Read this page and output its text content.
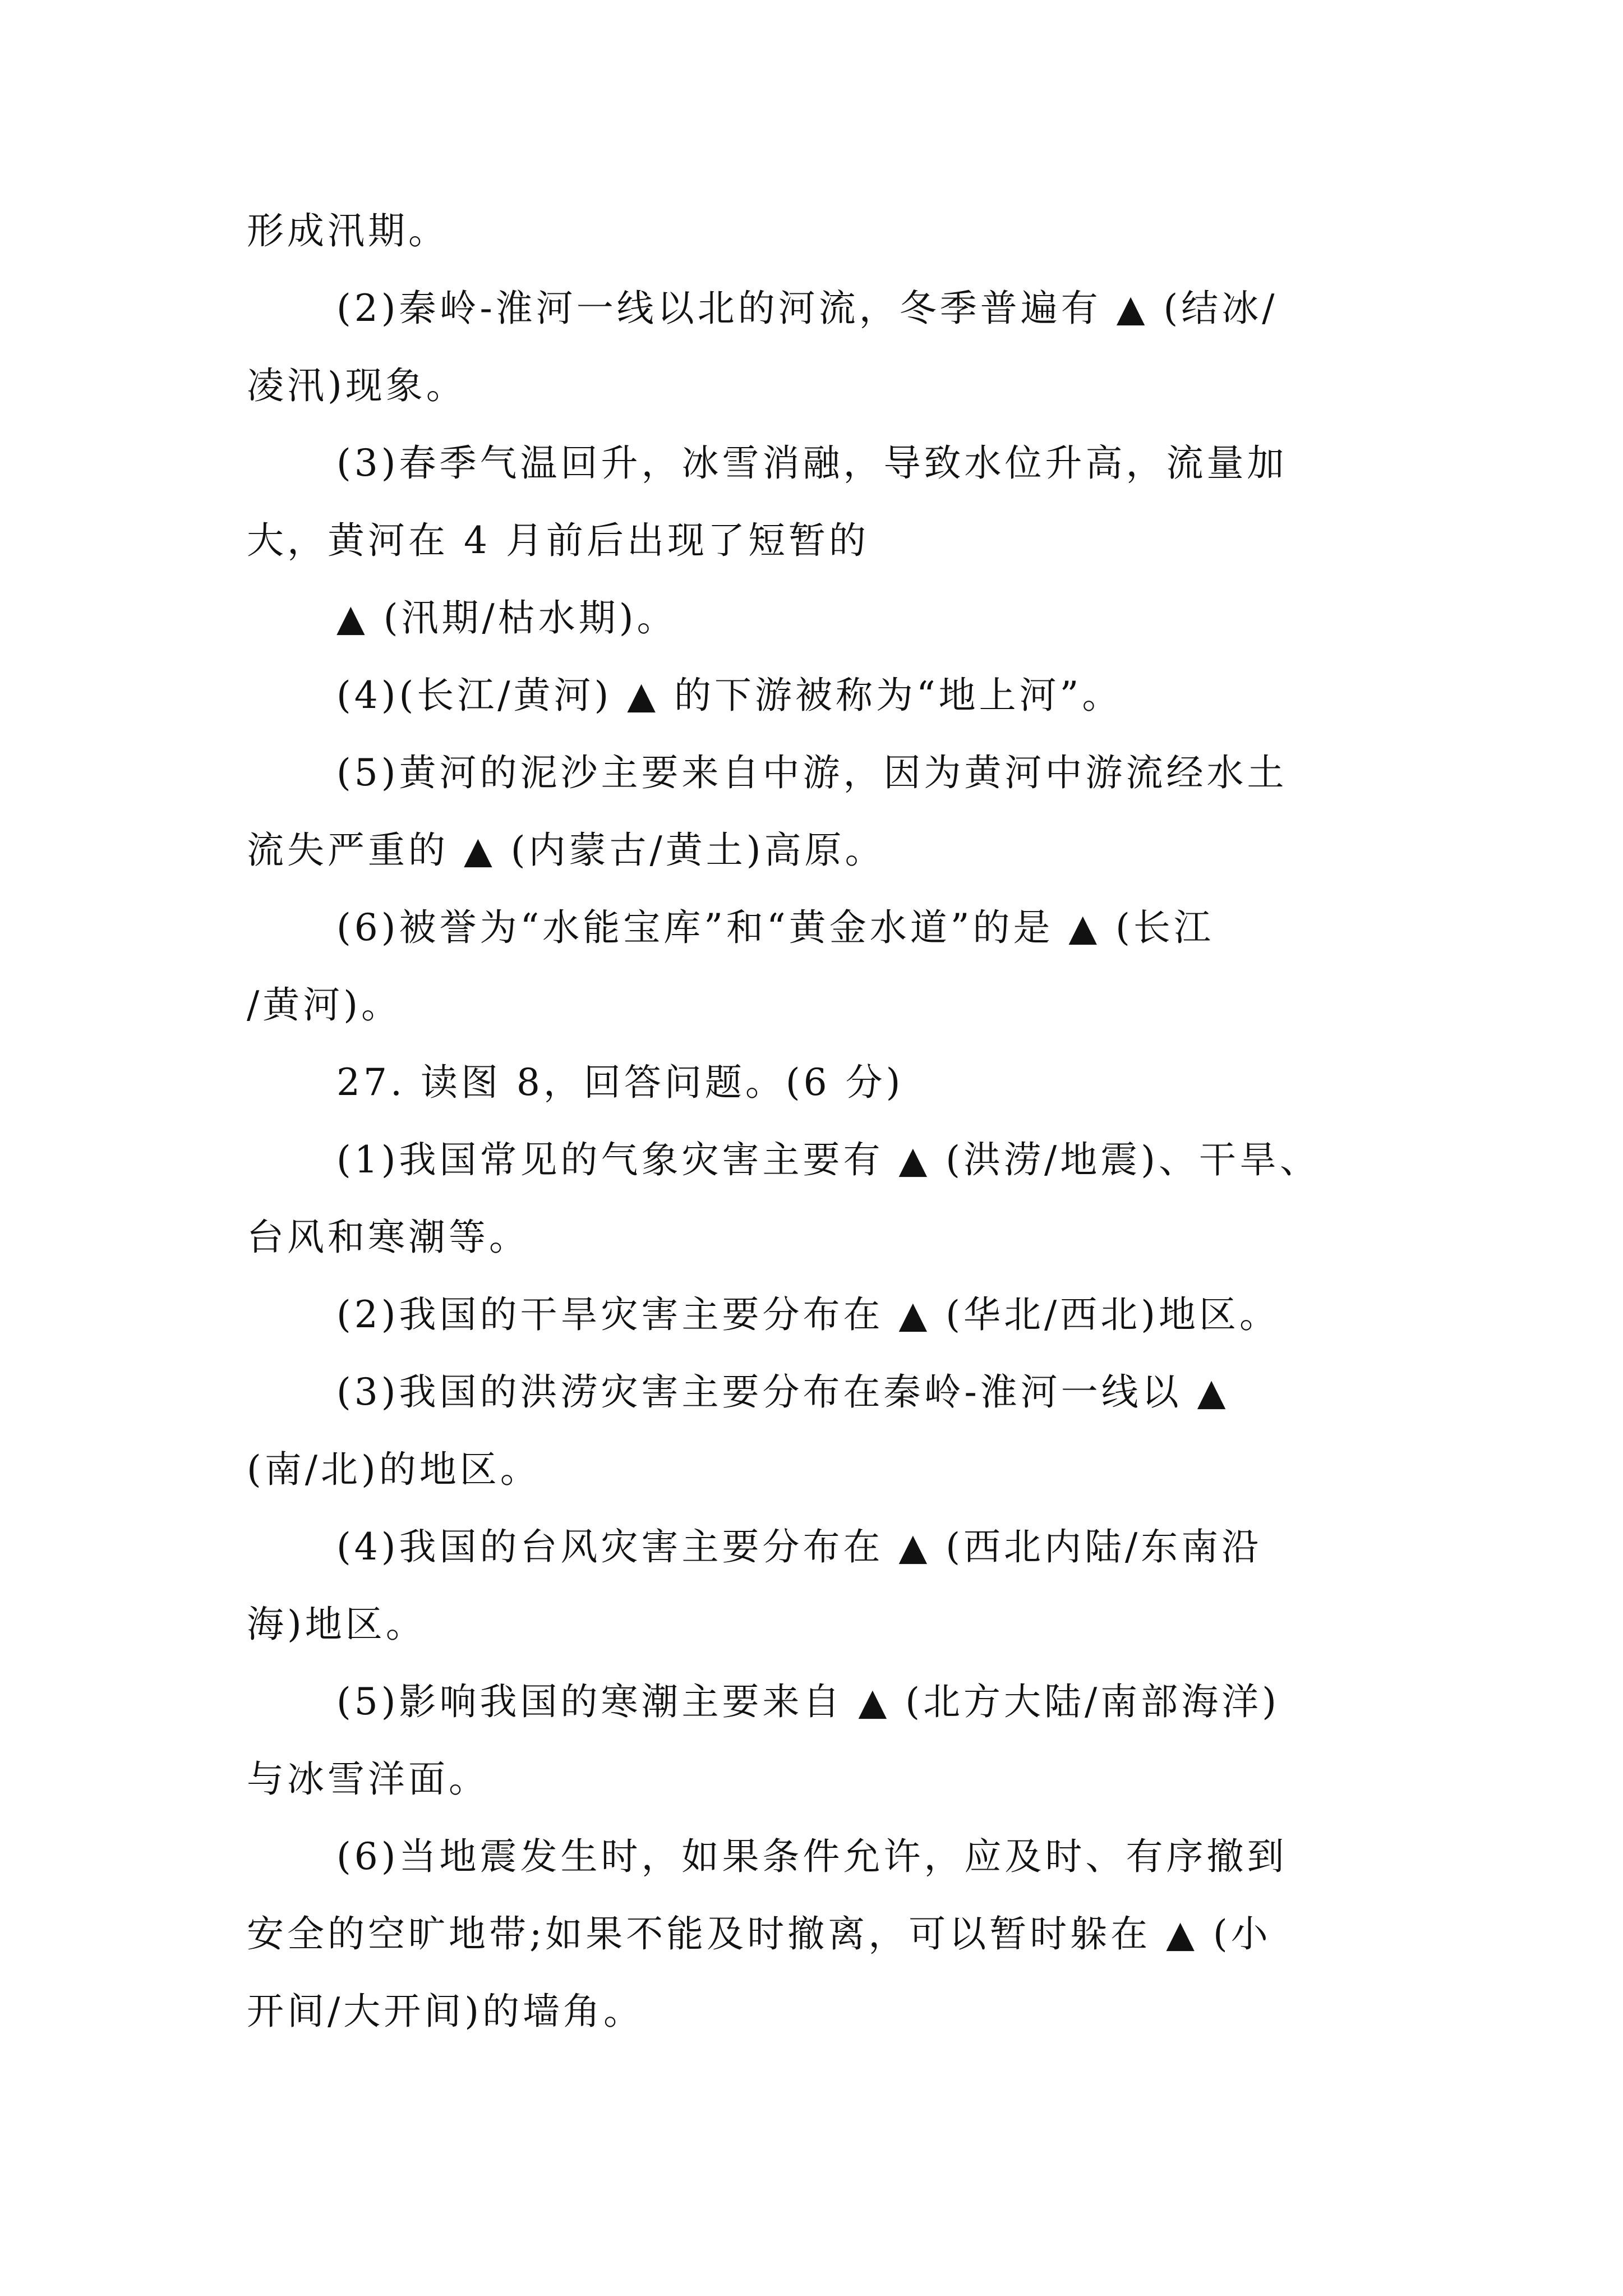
形成汛期。
(2)秦岭-淮河一线以北的河流，冬季普遍有 ▲ (结冰/
凌汛)现象。
(3)春季气温回升，冰雪消融，导致水位升高，流量加
大，黄河在 4 月前后出现了短暂的
▲ (汛期/枯水期)。
(4)(长江/黄河) ▲ 的下游被称为“地上河”。
(5)黄河的泥沙主要来自中游，因为黄河中游流经水土
流失严重的 ▲ (内蒙古/黄土)高原。
(6)被誉为“水能宝库”和“黄金水道”的是 ▲ (长江
/黄河)。
27. 读图 8，回答问题。(6 分)
(1)我国常见的气象灾害主要有 ▲ (洪涝/地震)、干旱、
台风和寒潮等。
(2)我国的干旱灾害主要分布在 ▲ (华北/西北)地区。
(3)我国的洪涝灾害主要分布在秦岭-淮河一线以 ▲
(南/北)的地区。
(4)我国的台风灾害主要分布在 ▲ (西北内陆/东南沿
海)地区。
(5)影响我国的寒潮主要来自 ▲ (北方大陆/南部海洋)
与冰雪洋面。
(6)当地震发生时，如果条件允许，应及时、有序撤到
安全的空旷地带;如果不能及时撤离，可以暂时躲在 ▲ (小
开间/大开间)的墙角。
